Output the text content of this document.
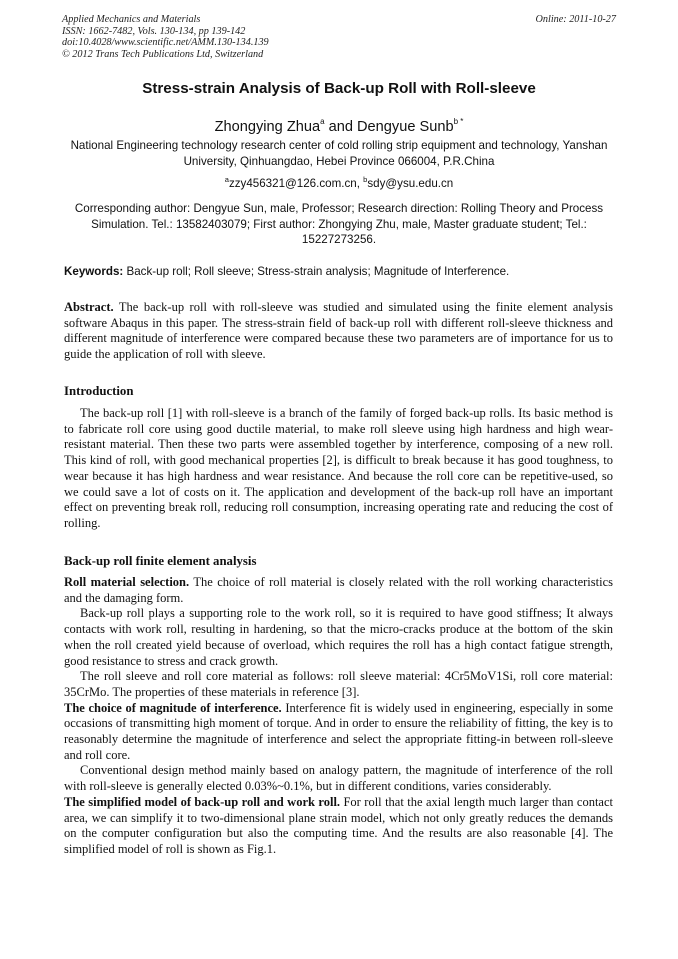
Applied Mechanics and Materials
ISSN: 1662-7482, Vols. 130-134, pp 139-142
doi:10.4028/www.scientific.net/AMM.130-134.139
© 2012 Trans Tech Publications Ltd, Switzerland
Online: 2011-10-27
Stress-strain Analysis of Back-up Roll with Roll-sleeve
Zhongying Zhua$^a$ and Dengyue Sunb$^{b *}$
National Engineering technology research center of cold rolling strip equipment and technology, Yanshan University, Qinhuangdao, Hebei Province 066004, P.R.China
$^a$zzy456321@126.com.cn, $^b$sdy@ysu.edu.cn
Corresponding author: Dengyue Sun, male, Professor; Research direction: Rolling Theory and Process Simulation. Tel.: 13582403079; First author: Zhongying Zhu, male, Master graduate student; Tel.: 15227273256.
Keywords: Back-up roll; Roll sleeve; Stress-strain analysis; Magnitude of Interference.

Abstract. The back-up roll with roll-sleeve was studied and simulated using the finite element analysis software Abaqus in this paper. The stress-strain field of back-up roll with different roll-sleeve thickness and different magnitude of interference were compared because these two parameters are of importance for us to guide the application of roll with sleeve.

Introduction

The back-up roll [1] with roll-sleeve is a branch of the family of forged back-up rolls. Its basic method is to fabricate roll core using good ductile material, to make roll sleeve using high hardness and high wear-resistant material. Then these two parts were assembled together by interference, composing of a new roll. This kind of roll, with good mechanical properties [2], is difficult to break because it has good toughness, to wear because it has high hardness and wear resistance. And because the roll core can be repetitive-used, so we could save a lot of costs on it. The application and development of the back-up roll have an important effect on preventing break roll, reducing roll consumption, increasing operating rate and reducing the cost of rolling.

Back-up roll finite element analysis

Roll material selection. The choice of roll material is closely related with the roll working characteristics and the damaging form.

Back-up roll plays a supporting role to the work roll, so it is required to have good stiffness; It always contacts with work roll, resulting in hardening, so that the micro-cracks produce at the bottom of the skin when the roll created yield because of overload, which requires the roll has a high contact fatigue strength, good resistance to stress and crack growth.

The roll sleeve and roll core material as follows: roll sleeve material: 4Cr5MoV1Si, roll core material: 35CrMo. The properties of these materials in reference [3].

The choice of magnitude of interference. Interference fit is widely used in engineering, especially in some occasions of transmitting high moment of torque. And in order to ensure the reliability of fitting, the key is to reasonably determine the magnitude of interference and select the appropriate fitting-in between roll-sleeve and roll core.

Conventional design method mainly based on analogy pattern, the magnitude of interference of the roll with roll-sleeve is generally elected 0.03%~0.1%, but in different conditions, varies considerably.

The simplified model of back-up roll and work roll. For roll that the axial length much larger than contact area, we can simplify it to two-dimensional plane strain model, which not only greatly reduces the demands on the computer configuration but also the computing time. And the results are also reasonable [4]. The simplified model of roll is shown as Fig.1.
